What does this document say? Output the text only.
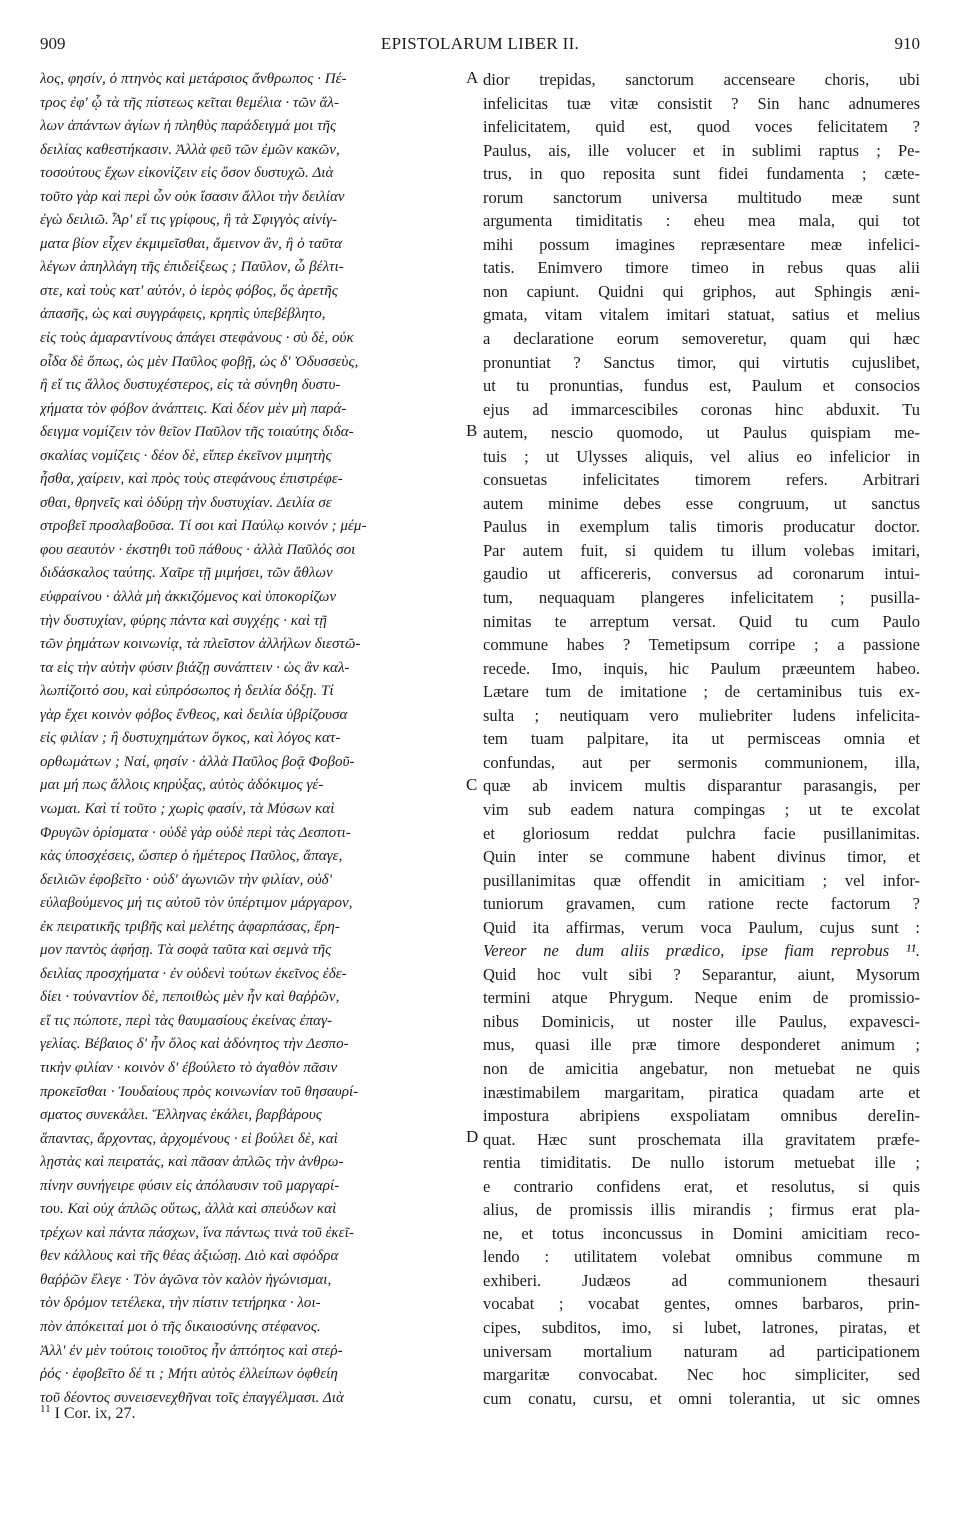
909	EPISTOLARUM LIBER II.	910
λος, φησίν, ὁ πτηνὸς καὶ μετάρσιος ἄνθρωπος · Πέ-
τρος ἐφ' ᾧ τὰ τῆς πίστεως κεῖται θεμέλια · τῶν ἄλ-
λων ἁπάντων ἁγίων ἡ πληθὺς παράδειγμά μοι τῆς
δειλίας καθεστήκασιν. Ἀλλὰ φεῦ τῶν ἐμῶν κακῶν,
τοσούτους ἔχων εἰκονίζειν εἰς ὅσον δυστυχῶ. Διὰ
τοῦτο γὰρ καὶ περὶ ὧν οὐκ ἴσασιν ἄλλοι τὴν δειλίαν
ἐγὼ δειλιῶ. Ἆρ' εἴ τις γρίφους, ἢ τὰ Σφιγγὸς αἰνίγ-
ματα βίον εἶχεν ἐκμιμεῖσθαι, ἄμεινον ἂν, ἢ ὁ ταῦτα
λέγων ἀπηλλάγη τῆς ἐπιδείξεως ; Παῦλον, ὦ βέλτι-
στε, καὶ τοὺς κατ' αὐτόν, ὁ ἱερὸς φόβος, ὅς ἀρετῆς
ἁπασῆς, ὡς καὶ συγγράφεις, κρηπὶς ὑπεβέβλητο,
εἰς τοὺς ἀμαραντίνους ἀπάγει στεφάνους · σὺ δὲ, οὐκ
οἶδα δὲ ὅπως, ὡς μὲν Παῦλος φοβῇ, ὡς δ' Ὀδυσσεὺς,
ἢ εἴ τις ἄλλος δυστυχέστερος, εἰς τὰ σύνηθη δυστυ-
χήματα τὸν φόβον ἀνάπτεις. Καὶ δέον μὲν μὴ παρά-
δειγμα νομίζειν τὸν θεῖον Παῦλον τῆς τοιαύτης διδα-
σκαλίας νομίζεις · δέον δὲ, εἴπερ ἐκεῖνον μιμητὴς
ἦσθα, χαίρειν, καὶ πρὸς τοὺς στεφάνους ἐπιστρέφε-
σθαι, θρηνεῖς καὶ ὀδύρῃ τὴν δυστυχίαν. Δειλία σε
στροβεῖ προσλαβοῦσα. Τί σοι καὶ Παύλῳ κοινόν ; μέμ-
φου σεαυτὸν · ἐκστηθι τοῦ πάθους · ἀλλὰ Παῦλός σοι
διδάσκαλος ταύτης. Χαῖρε τῇ μιμήσει, τῶν ἄθλων
εὐφραίνου · ἀλλὰ μὴ ἀκκιζόμενος καὶ ὑποκορίζων
τὴν δυστυχίαν, φύρης πάντα καὶ συγχέῃς · καὶ τῇ
τῶν ῥημάτων κοινωνίᾳ, τὰ πλεῖστον ἀλλήλων διεστῶ-
τα εἰς τὴν αὐτὴν φύσιν βιάζῃ συνάπτειν · ὡς ἂν καλ-
λωπίζοιτό σου, καὶ εὐπρόσωπος ἡ δειλία δόξῃ. Τί
γὰρ ἔχει κοινὸν φόβος ἔνθεος, καὶ δειλία ὑβρίζουσα
εἰς φιλίαν ; ἢ δυστυχημάτων ὄγκος, καὶ λόγος κατ-
ορθωμάτων ; Ναί, φησίν · ἀλλὰ Παῦλος βοᾷ Φοβοῦ-
μαι μή πως ἄλλοις κηρύξας, αὐτὸς ἀδόκιμος γέ-
νωμαι. Καὶ τί τοῦτο ; χωρὶς φασίν, τὰ Μύσων καὶ
Φρυγῶν ὁρίσματα · οὐδὲ γὰρ οὐδὲ περὶ τὰς Δεσποτι-
κὰς ὑποσχέσεις, ὥσπερ ὁ ἡμέτερος Παῦλος, ἄπαγε,
δειλιῶν ἐφοβεῖτο · οὐδ' ἀγωνιῶν τὴν φιλίαν, οὐδ'
εὐλαβούμενος μή τις αὐτοῦ τὸν ὑπέρτιμον μάργαρον,
ἐκ πειρατικῆς τριβῆς καὶ μελέτης ἀφαρπάσας, ἔρη-
μον παντὸς ἀφήσῃ. Τὰ σοφὰ ταῦτα καὶ σεμνὰ τῆς
δειλίας προσχήματα · ἐν οὐδενὶ τούτων ἐκεῖνος ἐδε-
δίει · τοὐναντίον δὲ, πεποιθὼς μὲν ἦν καὶ θαῤῥῶν,
εἴ τις πώποτε, περὶ τὰς θαυμασίους ἐκείνας ἐπαγ-
γελίας. Βέβαιος δ' ἦν ὅλος καὶ ἀδόνητος τὴν Δεσπο-
τικὴν φιλίαν · κοινὸν δ' ἐβούλετο τὸ ἀγαθὸν πᾶσιν
προκεῖσθαι · Ἰουδαίους πρὸς κοινωνίαν τοῦ θησαυρί-
σματος συνεκάλει. Ἕλληνας ἐκάλει, βαρβάρους
ἅπαντας, ἄρχοντας, ἀρχομένους · εἰ βούλει δὲ, καὶ
λῃστὰς καὶ πειρατάς, καὶ πᾶσαν ἁπλῶς τὴν ἀνθρω-
πίνην συνήγειρε φύσιν εἰς ἀπόλαυσιν τοῦ μαργαρί-
του. Καὶ οὐχ ἁπλῶς οὕτως, ἀλλὰ καὶ σπεύδων καὶ
τρέχων καὶ πάντα πάσχων, ἵνα πάντως τινὰ τοῦ ἐκεῖ-
θεν κάλλους καὶ τῆς θέας ἀξιώσῃ. Διὸ καὶ σφόδρα
θαῤῥῶν ἔλεγε · Τὸν ἀγῶνα τὸν καλὸν ἠγώνισμαι,
τὸν δρόμον τετέλεκα, τὴν πίστιν τετήρηκα · λοι-
πὸν ἀπόκειταί μοι ὁ τῆς δικαιοσύνης στέφανος.
Ἀλλ' ἐν μὲν τούτοις τοιοῦτος ἦν ἀπτόητος καὶ στεῤ-
ῥός · ἐφοβεῖτο δέ τι ; Μήτι αὐτὸς ἐλλείπων ὀφθείη
τοῦ δέοντος συνεισενεχθῆναι τοῖς ἐπαγγέλμασι. Διὰ
A
B
C
D
dior trepidas, sanctorum accenseare choris, ubi
infelicitas tuæ vitæ consistit ? Sin hanc adnumeres
infelicitatem, quid est, quod voces felicitatem ?
Paulus, ais, ille volucer et in sublimi raptus ; Pe-
trus, in quo reposita sunt fidei fundamenta ; cæte-
rorum sanctorum universa multitudo meæ sunt
argumenta timiditatis : eheu mea mala, qui tot
mihi possum imagines repræsentare meæ infelici-
tatis. Enimvero timore timeo in rebus quas alii
non capiunt. Quidni qui griphos, aut Sphingis æni-
gmata, vitam vitalem imitari statuat, satius et melius
a declaratione eorum semoveretur, quam qui hæc
pronuntiat ? Sanctus timor, qui virtutis cujuslibet,
ut tu pronuntias, fundus est, Paulum et consocios
ejus ad immarcescibiles coronas hinc abduxit. Tu
autem, nescio quomodo, ut Paulus quispiam me-
tuis ; ut Ulysses aliquis, vel alius eo infelicior in
consuetas infelicitates timorem refers. Arbitrari
autem minime debes esse congruum, ut sanctus
Paulus in exemplum talis timoris producatur doctor.
Par autem fuit, si quidem tu illum volebas imitari,
gaudio ut afficereris, conversus ad coronarum intui-
tum, nequaquam plangeres infelicitatem ; pusilla-
nimitas te arreptum versat. Quid tu cum Paulo
commune habes ? Temetipsum corripe ; a passione
recede. Imo, inquis, hic Paulum præeuntem habeo.
Lætare tum de imitatione ; de certaminibus tuis ex-
sulta ; neutiquam vero muliebriter ludens infelicita-
tem tuam palpitare, ita ut permisceas omnia et
confundas, aut per sermonis communionem, illa,
quæ ab invicem multis disparantur parasangis, per
vim sub eadem natura compingas ; ut te excolat
et gloriosum reddat pulchra facie pusillanimitas.
Quin inter se commune habent divinus timor, et
pusillanimitas quæ offendit in amicitiam ; vel infor-
tuniorum gravamen, cum ratione recte factorum ?
Quid ita affirmas, verum voca Paulum, cujus sunt :
Vereor ne dum aliis prædico, ipse fiam reprobus ¹¹.
Quid hoc vult sibi ? Separantur, aiunt, Mysorum
termini atque Phrygum. Neque enim de promissio-
nibus Dominicis, ut noster ille Paulus, expavesci-
mus, quasi ille præ timore desponderet animum ;
non de amicitia angebatur, non metuebat ne quis
inæstimabilem margaritam, piratica quadam arte et
impostura abripiens exspoliatam omnibus dereIin-
quat. Hæc sunt proschemata illa gravitatem præfe-
rentia timiditatis. De nullo istorum metuebat ille ;
e contrario confidens erat, et resolutus, si quis
alius, de promissis illis mirandis ; firmus erat pla-
ne, et totus inconcussus in Domini amicitiam reco-
lendo : utilitatem volebat omnibus commune m
exhiberi. Judæos ad communionem thesauri
vocabat ; vocabat gentes, omnes barbaros, prin-
cipes, subditos, imo, si lubet, latrones, piratas, et
universam mortalium naturam ad participationem
margaritæ convocabat. Nec hoc simpliciter, sed
cum conatu, cursu, et omni tolerantia, ut sic omnes
$^{11}$ I Cor. ix, 27.
